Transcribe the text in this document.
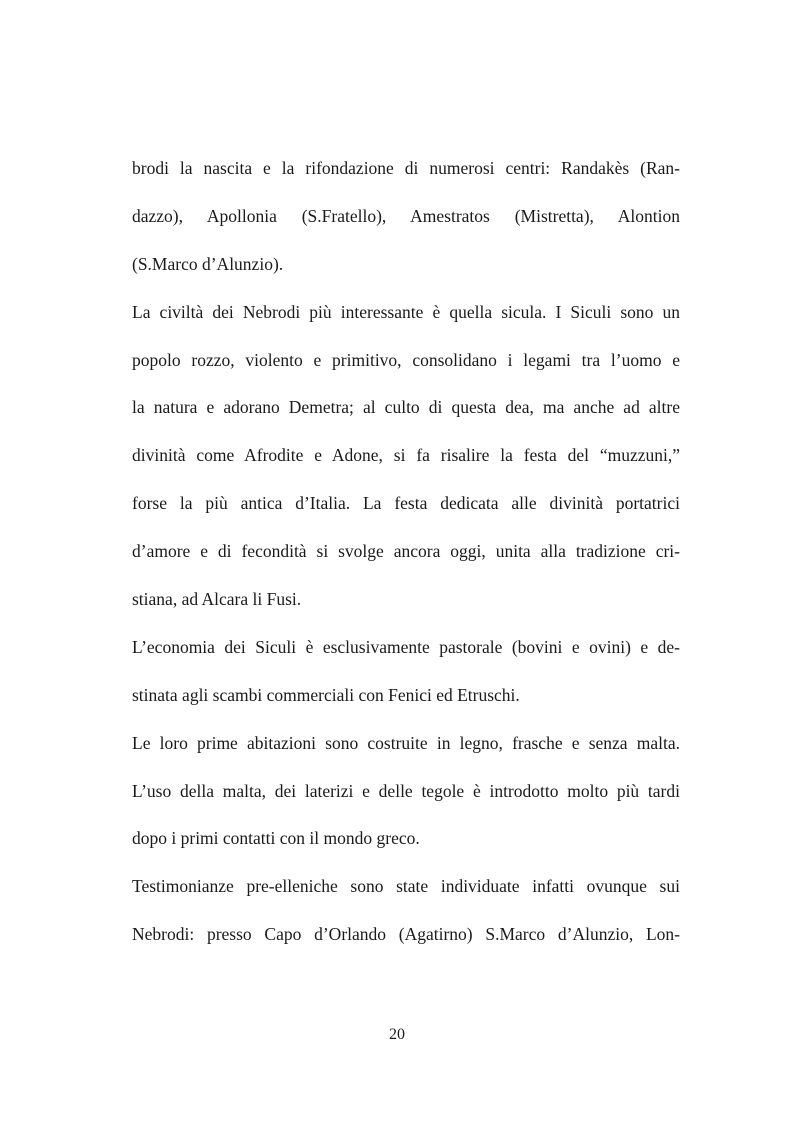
brodi la nascita e la rifondazione di numerosi centri: Randakès (Ran-
dazzo), Apollonia (S.Fratello), Amestratos (Mistretta), Alontion
(S.Marco d’Alunzio).
La civiltà dei Nebrodi più interessante è quella sicula. I Siculi sono un
popolo rozzo, violento e primitivo, consolidano i legami tra l’uomo e
la natura e adorano Demetra; al culto di questa dea, ma anche ad altre
divinità come Afrodite e Adone, si fa risalire la festa del “muzzuni,”
forse la più antica d’Italia. La festa dedicata alle divinità portatrici
d’amore e di fecondità si svolge ancora oggi, unita alla tradizione cri-
stiana, ad Alcara li Fusi.
L’economia dei Siculi è esclusivamente pastorale (bovini e ovini) e de-
stinata agli scambi commerciali con Fenici ed Etruschi.
Le loro prime abitazioni sono costruite in legno, frasche e senza malta.
L’uso della malta, dei laterizi e delle tegole è introdotto molto più tardi
dopo i primi contatti con il mondo greco.
Testimonianze pre-elleniche sono state individuate infatti ovunque sui
Nebrodi: presso Capo d’Orlando (Agatirno) S.Marco d’Alunzio, Lon-
20
